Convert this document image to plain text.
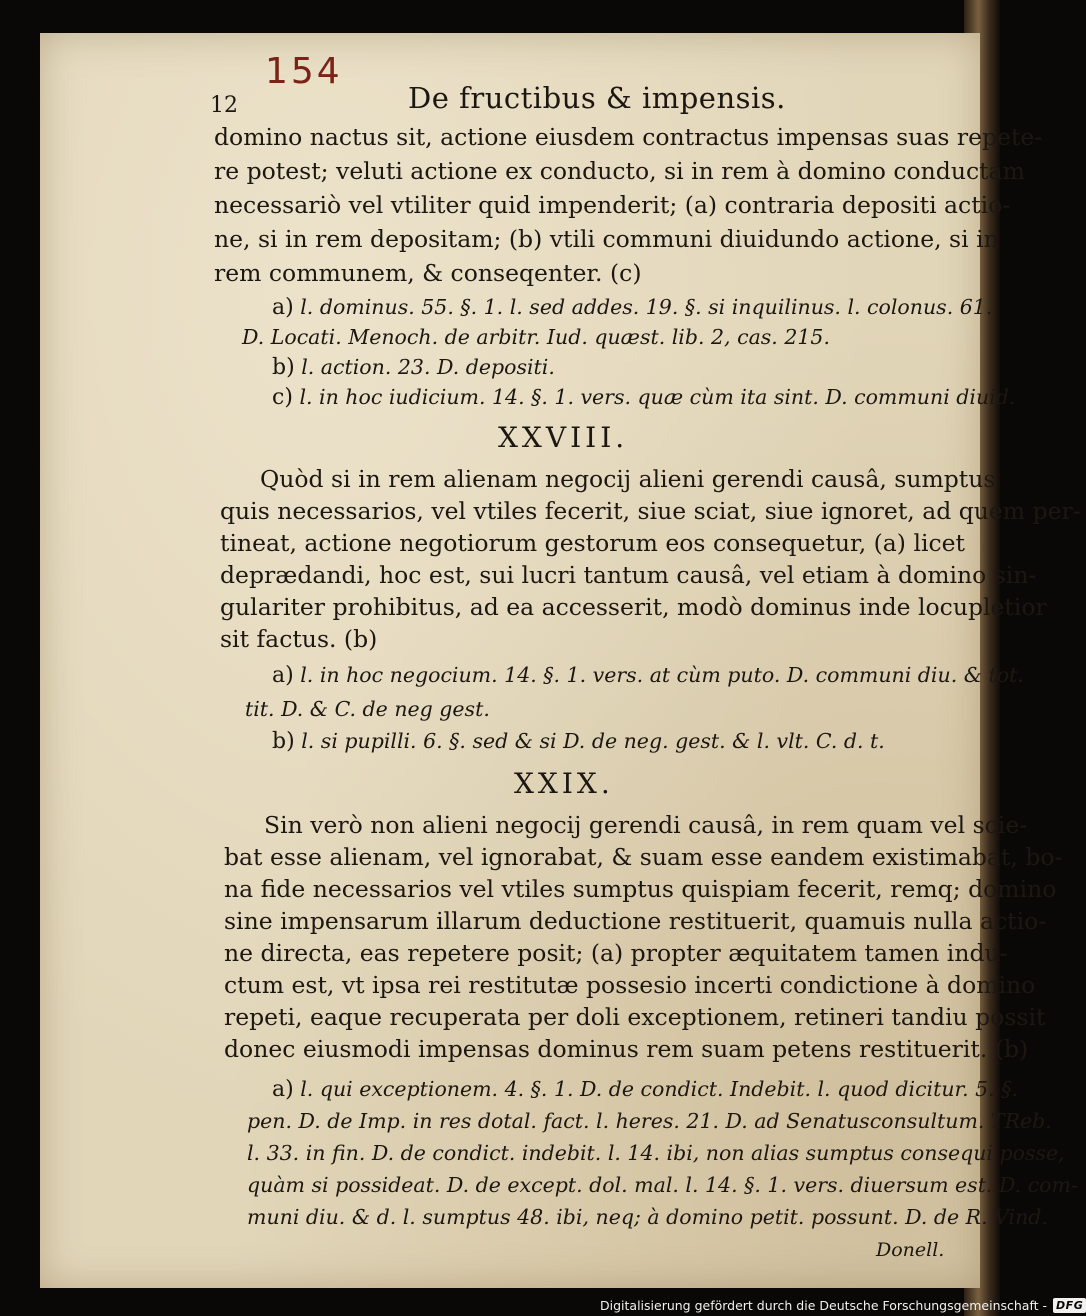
154
12	De fructibus & impensis.
domino nactus sit, actione eiusdem contractus impensas suas repete-
re potest; veluti actione ex conducto, si in rem à domino conductam
necessariò vel vtiliter quid impenderit; (a) contraria depositi actio-
ne, si in rem depositam; (b) vtili communi diuidundo actione, si in
rem communem, & conseqenter. (c)
a) l. dominus. 55. §. 1. l. sed addes. 19. §. si inquilinus. l. colonus. 61.
D. Locati. Menoch. de arbitr. Iud. quæst. lib. 2, cas. 215.
b) l. action. 23. D. depositi.
c) l. in hoc iudicium. 14. §. 1. vers. quæ cùm ita sint. D. communi diuid.
XXVIII.
Quòd si in rem alienam negocij alieni gerendi causâ, sumptus
quis necessarios, vel vtiles fecerit, siue sciat, siue ignoret, ad quem per-
tineat, actione negotiorum gestorum eos consequetur, (a) licet
deprædandi, hoc est, sui lucri tantum causâ, vel etiam à domino sin-
gulariter prohibitus, ad ea accesserit, modò dominus inde locupletior
sit factus. (b)
a) l. in hoc negocium. 14. §. 1. vers. at cùm puto. D. communi diu. & tot.
tit. D. & C. de neg gest.
b) l. si pupilli. 6. §. sed & si D. de neg. gest. & l. vlt. C. d. t.
XXIX.
Sin verò non alieni negocij gerendi causâ, in rem quam vel scie-
bat esse alienam, vel ignorabat, & suam esse eandem existimabat, bo-
na fide necessarios vel vtiles sumptus quispiam fecerit, remq; domino
sine impensarum illarum deductione restituerit, quamuis nulla actio-
ne directa, eas repetere posit; (a) propter æquitatem tamen indu-
ctum est, vt ipsa rei restitutæ possesio incerti condictione à domino
repeti, eaque recuperata per doli exceptionem, retineri tandiu possit
donec eiusmodi impensas dominus rem suam petens restituerit. (b)
a) l. qui exceptionem. 4. §. 1. D. de condict. Indebit. l. quod dicitur. 5. §.
pen. D. de Imp. in res dotal. fact. l. heres. 21. D. ad Senatusconsultum. TReb.
l. 33. in fin. D. de condict. indebit. l. 14. ibi, non alias sumptus consequi posse,
quàm si possideat. D. de except. dol. mal. l. 14. §. 1. vers. diuersum est. D. com-
muni diu. & d. l. sumptus 48. ibi, neq; à domino petit. possunt. D. de R. Vind.
Donell.
Digitalisierung gefördert durch die Deutsche Forschungsgemeinschaft - DFG
